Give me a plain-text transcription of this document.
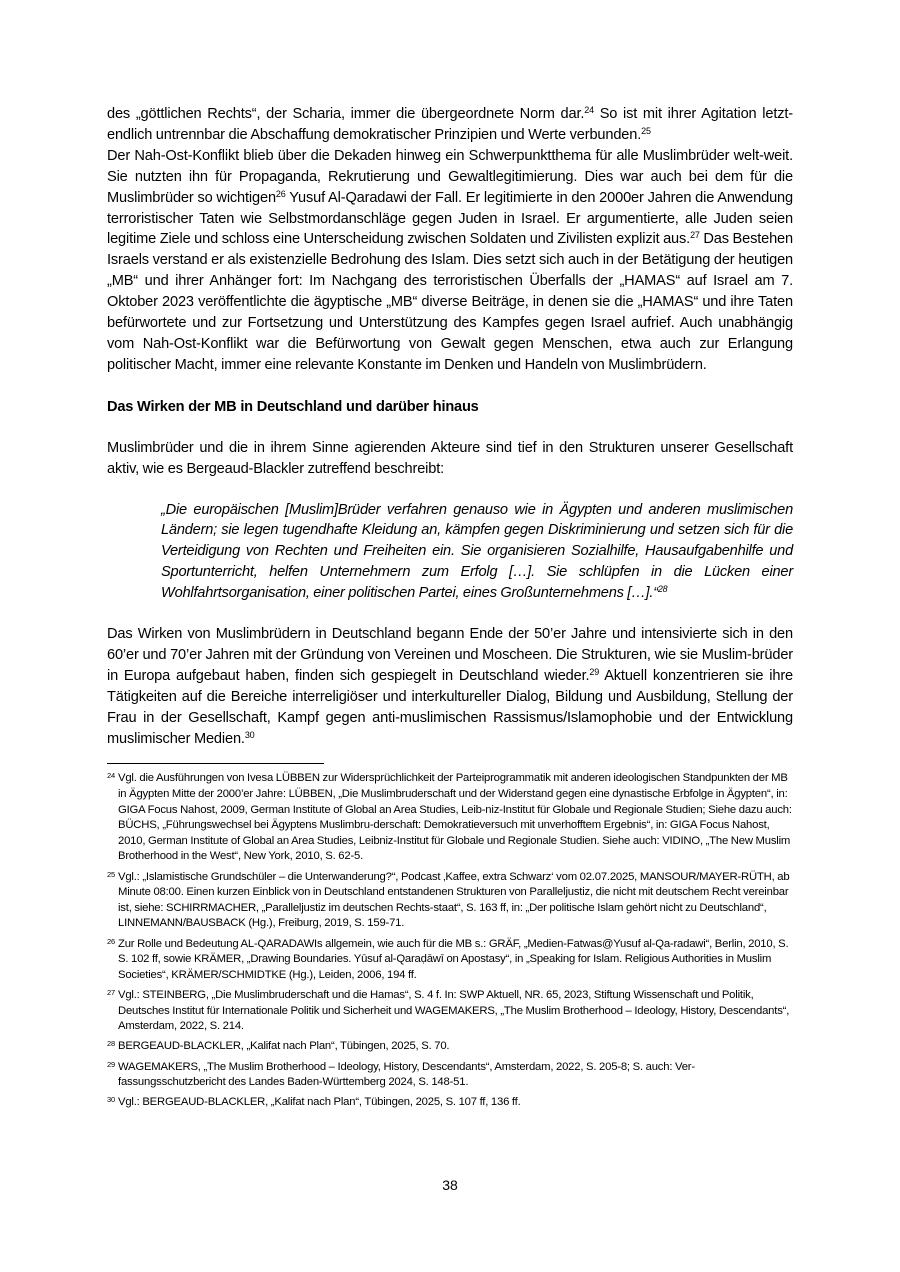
des „göttlichen Rechts“, der Scharia, immer die übergeordnete Norm dar.$^{24}$ So ist mit ihrer Agitation letzt-endlich untrennbar die Abschaffung demokratischer Prinzipien und Werte verbunden.$^{25}$

Der Nah-Ost-Konflikt blieb über die Dekaden hinweg ein Schwerpunktthema für alle Muslimbrüder welt-weit. Sie nutzten ihn für Propaganda, Rekrutierung und Gewaltlegitimierung. Dies war auch bei dem für die Muslimbrüder so wichtigen$^{26}$ Yusuf Al-Qaradawi der Fall. Er legitimierte in den 2000er Jahren die Anwendung terroristischer Taten wie Selbstmordanschläge gegen Juden in Israel. Er argumentierte, alle Juden seien legitime Ziele und schloss eine Unterscheidung zwischen Soldaten und Zivilisten explizit aus.$^{27}$ Das Bestehen Israels verstand er als existenzielle Bedrohung des Islam. Dies setzt sich auch in der Betätigung der heutigen „MB“ und ihrer Anhänger fort: Im Nachgang des terroristischen Überfalls der „HAMAS“ auf Israel am 7. Oktober 2023 veröffentlichte die ägyptische „MB“ diverse Beiträge, in denen sie die „HAMAS“ und ihre Taten befürwortete und zur Fortsetzung und Unterstützung des Kampfes gegen Israel aufrief. Auch unabhängig vom Nah-Ost-Konflikt war die Befürwortung von Gewalt gegen Menschen, etwa auch zur Erlangung politischer Macht, immer eine relevante Konstante im Denken und Handeln von Muslimbrüdern.

Das Wirken der MB in Deutschland und darüber hinaus

Muslimbrüder und die in ihrem Sinne agierenden Akteure sind tief in den Strukturen unserer Gesellschaft aktiv, wie es Bergeaud-Blackler zutreffend beschreibt:

„Die europäischen [Muslim]Brüder verfahren genauso wie in Ägypten und anderen muslimischen Ländern; sie legen tugendhafte Kleidung an, kämpfen gegen Diskriminierung und setzen sich für die Verteidigung von Rechten und Freiheiten ein. Sie organisieren Sozialhilfe, Hausaufgabenhilfe und Sportunterricht, helfen Unternehmern zum Erfolg […]. Sie schlüpfen in die Lücken einer Wohlfahrtsorganisation, einer politischen Partei, eines Großunternehmens […].“$^{28}$

Das Wirken von Muslimbrüdern in Deutschland begann Ende der 50’er Jahre und intensivierte sich in den 60’er und 70’er Jahren mit der Gründung von Vereinen und Moscheen. Die Strukturen, wie sie Muslim-brüder in Europa aufgebaut haben, finden sich gespiegelt in Deutschland wieder.$^{29}$ Aktuell konzentrieren sie ihre Tätigkeiten auf die Bereiche interreligiöser und interkultureller Dialog, Bildung und Ausbildung, Stellung der Frau in der Gesellschaft, Kampf gegen anti-muslimischen Rassismus/Islamophobie und der Entwicklung muslimischer Medien.$^{30}$

24 Vgl. die Ausführungen von Ivesa LÜBBEN zur Widersprüchlichkeit der Parteiprogrammatik mit anderen ideologischen Standpunkten der MB in Ägypten Mitte der 2000’er Jahre: LÜBBEN, „Die Muslimbruderschaft und der Widerstand gegen eine dynastische Erbfolge in Ägypten“, in: GIGA Focus Nahost, 2009, German Institute of Global an Area Studies, Leib-niz-Institut für Globale und Regionale Studien; Siehe dazu auch: BÜCHS, „Führungswechsel bei Ägyptens Muslimbru-derschaft: Demokratieversuch mit unverhofftem Ergebnis“, in: GIGA Focus Nahost, 2010, German Institute of Global an Area Studies, Leibniz-Institut für Globale und Regionale Studien. Siehe auch: VIDINO, „The New Muslim Brotherhood in the West“, New York, 2010, S. 62-5.

25 Vgl.: „Islamistische Grundschüler – die Unterwanderung?“, Podcast ‚Kaffee, extra Schwarz‘ vom 02.07.2025, MANSOUR/MAYER-RÜTH, ab Minute 08:00. Einen kurzen Einblick von in Deutschland entstandenen Strukturen von Paralleljustiz, die nicht mit deutschem Recht vereinbar ist, siehe: SCHIRRMACHER, „Paralleljustiz im deutschen Rechts-staat“, S. 163 ff, in: „Der politische Islam gehört nicht zu Deutschland“, LINNEMANN/BAUSBACK (Hg.), Freiburg, 2019, S. 159-71.

26 Zur Rolle und Bedeutung AL-QARADAWIs allgemein, wie auch für die MB s.: GRÄF, „Medien-Fatwas@Yusuf al-Qa-radawi“, Berlin, 2010, S. S. 102 ff, sowie KRÄMER, „Drawing Boundaries. Yūsuf al-Qaraḍāwī on Apostasy“, in „Speaking for Islam. Religious Authorities in Muslim Societies“, KRÄMER/SCHMIDTKE (Hg.), Leiden, 2006, 194 ff.

27 Vgl.: STEINBERG, „Die Muslimbruderschaft und die Hamas“, S. 4 f. In: SWP Aktuell, NR. 65, 2023, Stiftung Wissenschaft und Politik, Deutsches Institut für Internationale Politik und Sicherheit und WAGEMAKERS, „The Muslim Brotherhood – Ideology, History, Descendants“, Amsterdam, 2022, S. 214.

28 BERGEAUD-BLACKLER, „Kalifat nach Plan“, Tübingen, 2025, S. 70.

29 WAGEMAKERS, „The Muslim Brotherhood – Ideology, History, Descendants“, Amsterdam, 2022, S. 205-8; S. auch: Ver-fassungsschutzbericht des Landes Baden-Württemberg 2024, S. 148-51.

30 Vgl.: BERGEAUD-BLACKLER, „Kalifat nach Plan“, Tübingen, 2025, S. 107 ff, 136 ff.

38
